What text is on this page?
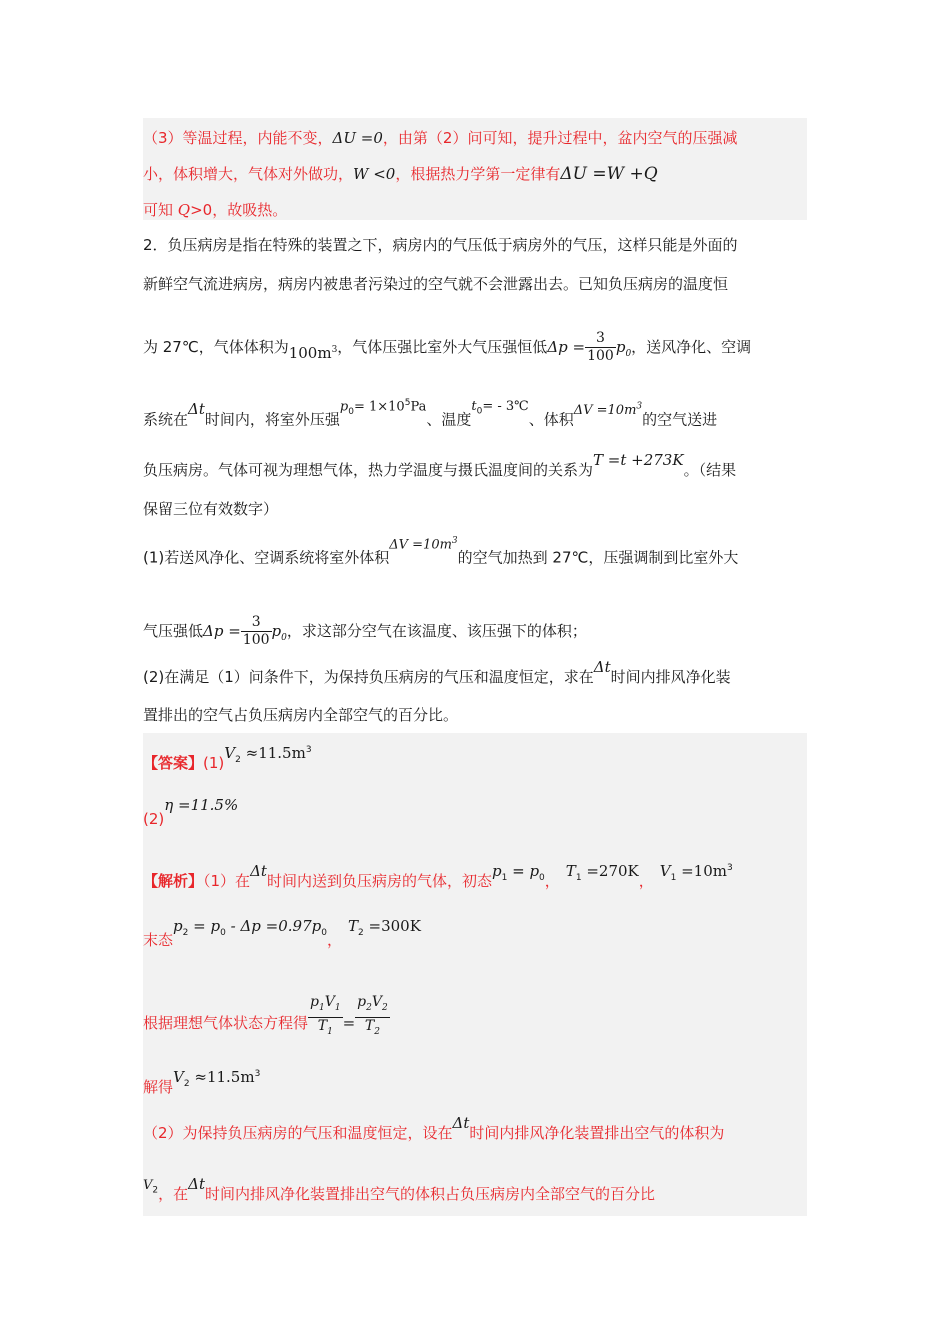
（3）等温过程，内能不变，ΔU =0，由第（2）问可知，提升过程中，盆内空气的压强减
小，体积增大，气体对外做功，W <0，根据热力学第一定律有ΔU =W +Q
可知 Q>0，故吸热。
2．负压病房是指在特殊的装置之下，病房内的气压低于病房外的气压，这样只能是外面的
新鲜空气流进病房，病房内被患者污染过的空气就不会泄露出去。已知负压病房的温度恒
为 27℃，气体体积为$100m^3$，气体压强比室外大气压强恒低$\Delta p = \frac{3}{100} p_0$，送风净化、空调
系统在Δt时间内，将室外压强$p_0= 1\times 10^5Pa$、温度$t_0=$ - 3℃、体积$\Delta V =10m^3$的空气送进
负压病房。气体可视为理想气体，热力学温度与摄氏温度间的关系为T =t +273K。（结果
保留三位有效数字）
(1)若送风净化、空调系统将室外体积$\Delta V =10m^3$的空气加热到 27℃，压强调制到比室外大
气压强低$\Delta p = \frac{3}{100} p_0$，求这部分空气在该温度、该压强下的体积；
(2)在满足（1）问条件下，为保持负压病房的气压和温度恒定，求在Δt时间内排风净化装
置排出的空气占负压病房内全部空气的百分比。
【答案】$(1)V_2 \approx 11.5m^3$
(2)η =11.5%
【解析】（1）在Δt时间内送到负压病房的气体，初态$p_1 = p_0$，$T_1 =270K$，$V_1 =10m^3$
末态$p_2 = p_0 - \Delta p =0.97p_0$，$T_2 =300K$
根据理想气体状态方程得 $\frac{p_1V_1}{T_1} = \frac{p_2V_2}{T_2}$
解得$V_2 \approx 11.5m^3$
（2）为保持负压病房的气压和温度恒定，设在Δt时间内排风净化装置排出空气的体积为
$V_2$，在Δt时间内排风净化装置排出空气的体积占负压病房内全部空气的百分比
